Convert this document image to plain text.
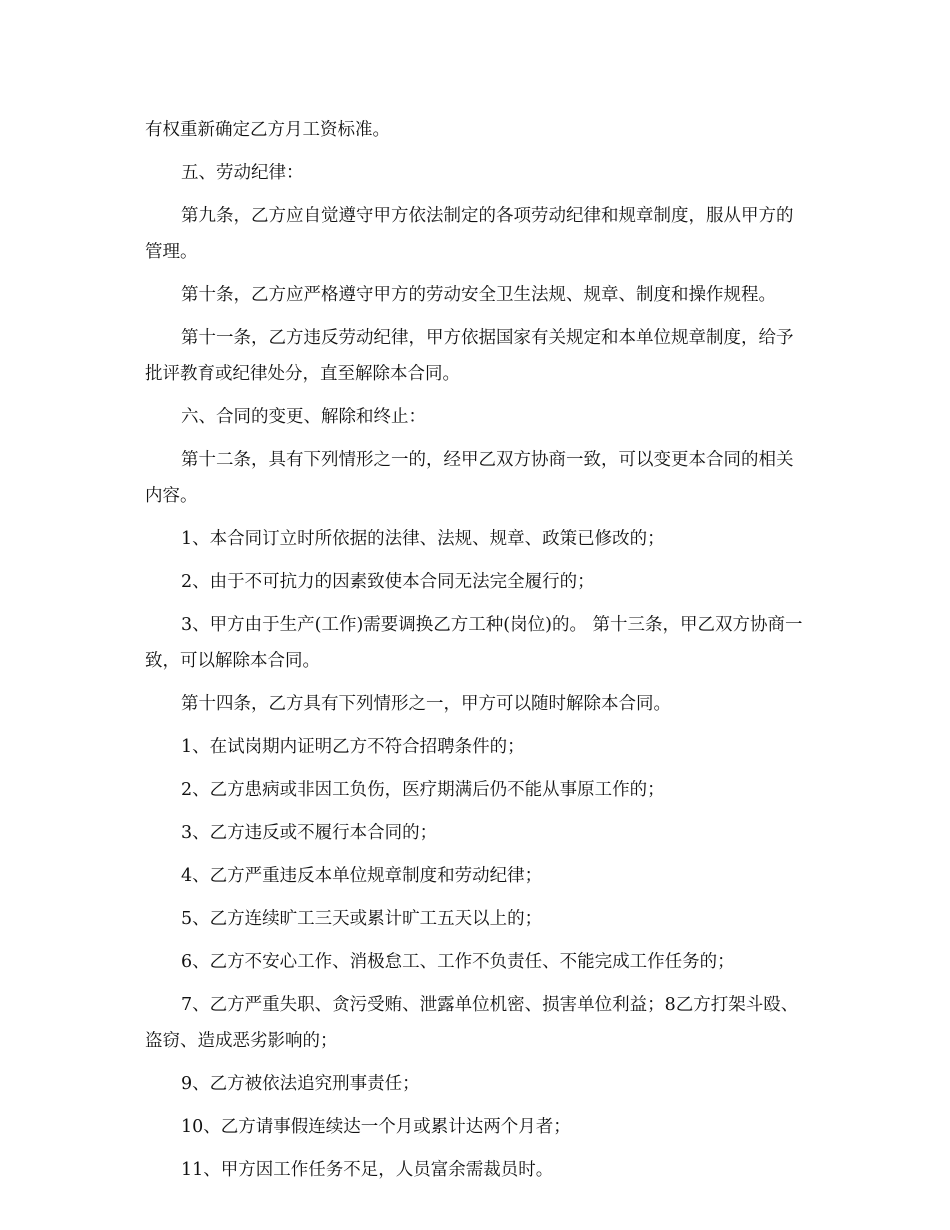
有权重新确定乙方月工资标准。

五、劳动纪律：

第九条，乙方应自觉遵守甲方依法制定的各项劳动纪律和规章制度，服从甲方的管理。

第十条，乙方应严格遵守甲方的劳动安全卫生法规、规章、制度和操作规程。

第十一条，乙方违反劳动纪律，甲方依据国家有关规定和本单位规章制度，给予批评教育或纪律处分，直至解除本合同。

六、合同的变更、解除和终止：

第十二条，具有下列情形之一的，经甲乙双方协商一致，可以变更本合同的相关内容。

1、本合同订立时所依据的法律、法规、规章、政策已修改的；

2、由于不可抗力的因素致使本合同无法完全履行的；

3、甲方由于生产(工作)需要调换乙方工种(岗位)的。 第十三条，甲乙双方协商一致，可以解除本合同。

第十四条，乙方具有下列情形之一，甲方可以随时解除本合同。

1、在试岗期内证明乙方不符合招聘条件的；

2、乙方患病或非因工负伤，医疗期满后仍不能从事原工作的；

3、乙方违反或不履行本合同的；

4、乙方严重违反本单位规章制度和劳动纪律；

5、乙方连续旷工三天或累计旷工五天以上的；

6、乙方不安心工作、消极怠工、工作不负责任、不能完成工作任务的；

7、乙方严重失职、贪污受贿、泄露单位机密、损害单位利益；8乙方打架斗殴、盗窃、造成恶劣影响的；

9、乙方被依法追究刑事责任；

10、乙方请事假连续达一个月或累计达两个月者；

11、甲方因工作任务不足，人员富余需裁员时。
